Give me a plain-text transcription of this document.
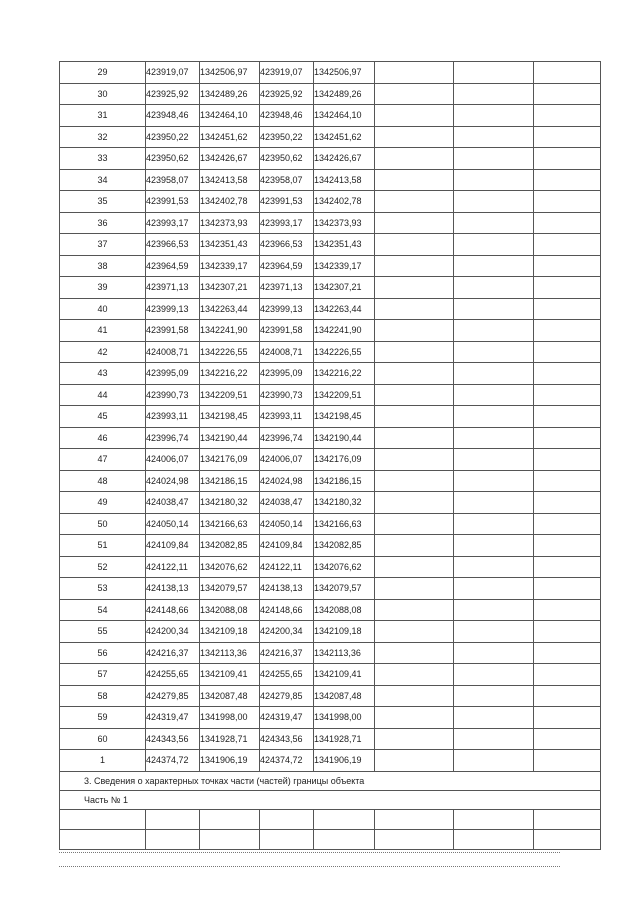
29	423919,07	1342506,97	423919,07	1342506,97			
30	423925,92	1342489,26	423925,92	1342489,26			
31	423948,46	1342464,10	423948,46	1342464,10			
32	423950,22	1342451,62	423950,22	1342451,62			
33	423950,62	1342426,67	423950,62	1342426,67			
34	423958,07	1342413,58	423958,07	1342413,58			
35	423991,53	1342402,78	423991,53	1342402,78			
36	423993,17	1342373,93	423993,17	1342373,93			
37	423966,53	1342351,43	423966,53	1342351,43			
38	423964,59	1342339,17	423964,59	1342339,17			
39	423971,13	1342307,21	423971,13	1342307,21			
40	423999,13	1342263,44	423999,13	1342263,44			
41	423991,58	1342241,90	423991,58	1342241,90			
42	424008,71	1342226,55	424008,71	1342226,55			
43	423995,09	1342216,22	423995,09	1342216,22			
44	423990,73	1342209,51	423990,73	1342209,51			
45	423993,11	1342198,45	423993,11	1342198,45			
46	423996,74	1342190,44	423996,74	1342190,44			
47	424006,07	1342176,09	424006,07	1342176,09			
48	424024,98	1342186,15	424024,98	1342186,15			
49	424038,47	1342180,32	424038,47	1342180,32			
50	424050,14	1342166,63	424050,14	1342166,63			
51	424109,84	1342082,85	424109,84	1342082,85			
52	424122,11	1342076,62	424122,11	1342076,62			
53	424138,13	1342079,57	424138,13	1342079,57			
54	424148,66	1342088,08	424148,66	1342088,08			
55	424200,34	1342109,18	424200,34	1342109,18			
56	424216,37	1342113,36	424216,37	1342113,36			
57	424255,65	1342109,41	424255,65	1342109,41			
58	424279,85	1342087,48	424279,85	1342087,48			
59	424319,47	1341998,00	424319,47	1341998,00			
60	424343,56	1341928,71	424343,56	1341928,71			
1	424374,72	1341906,19	424374,72	1341906,19			
3. Сведения о характерных точках части (частей) границы объекта							
Часть № 1							
